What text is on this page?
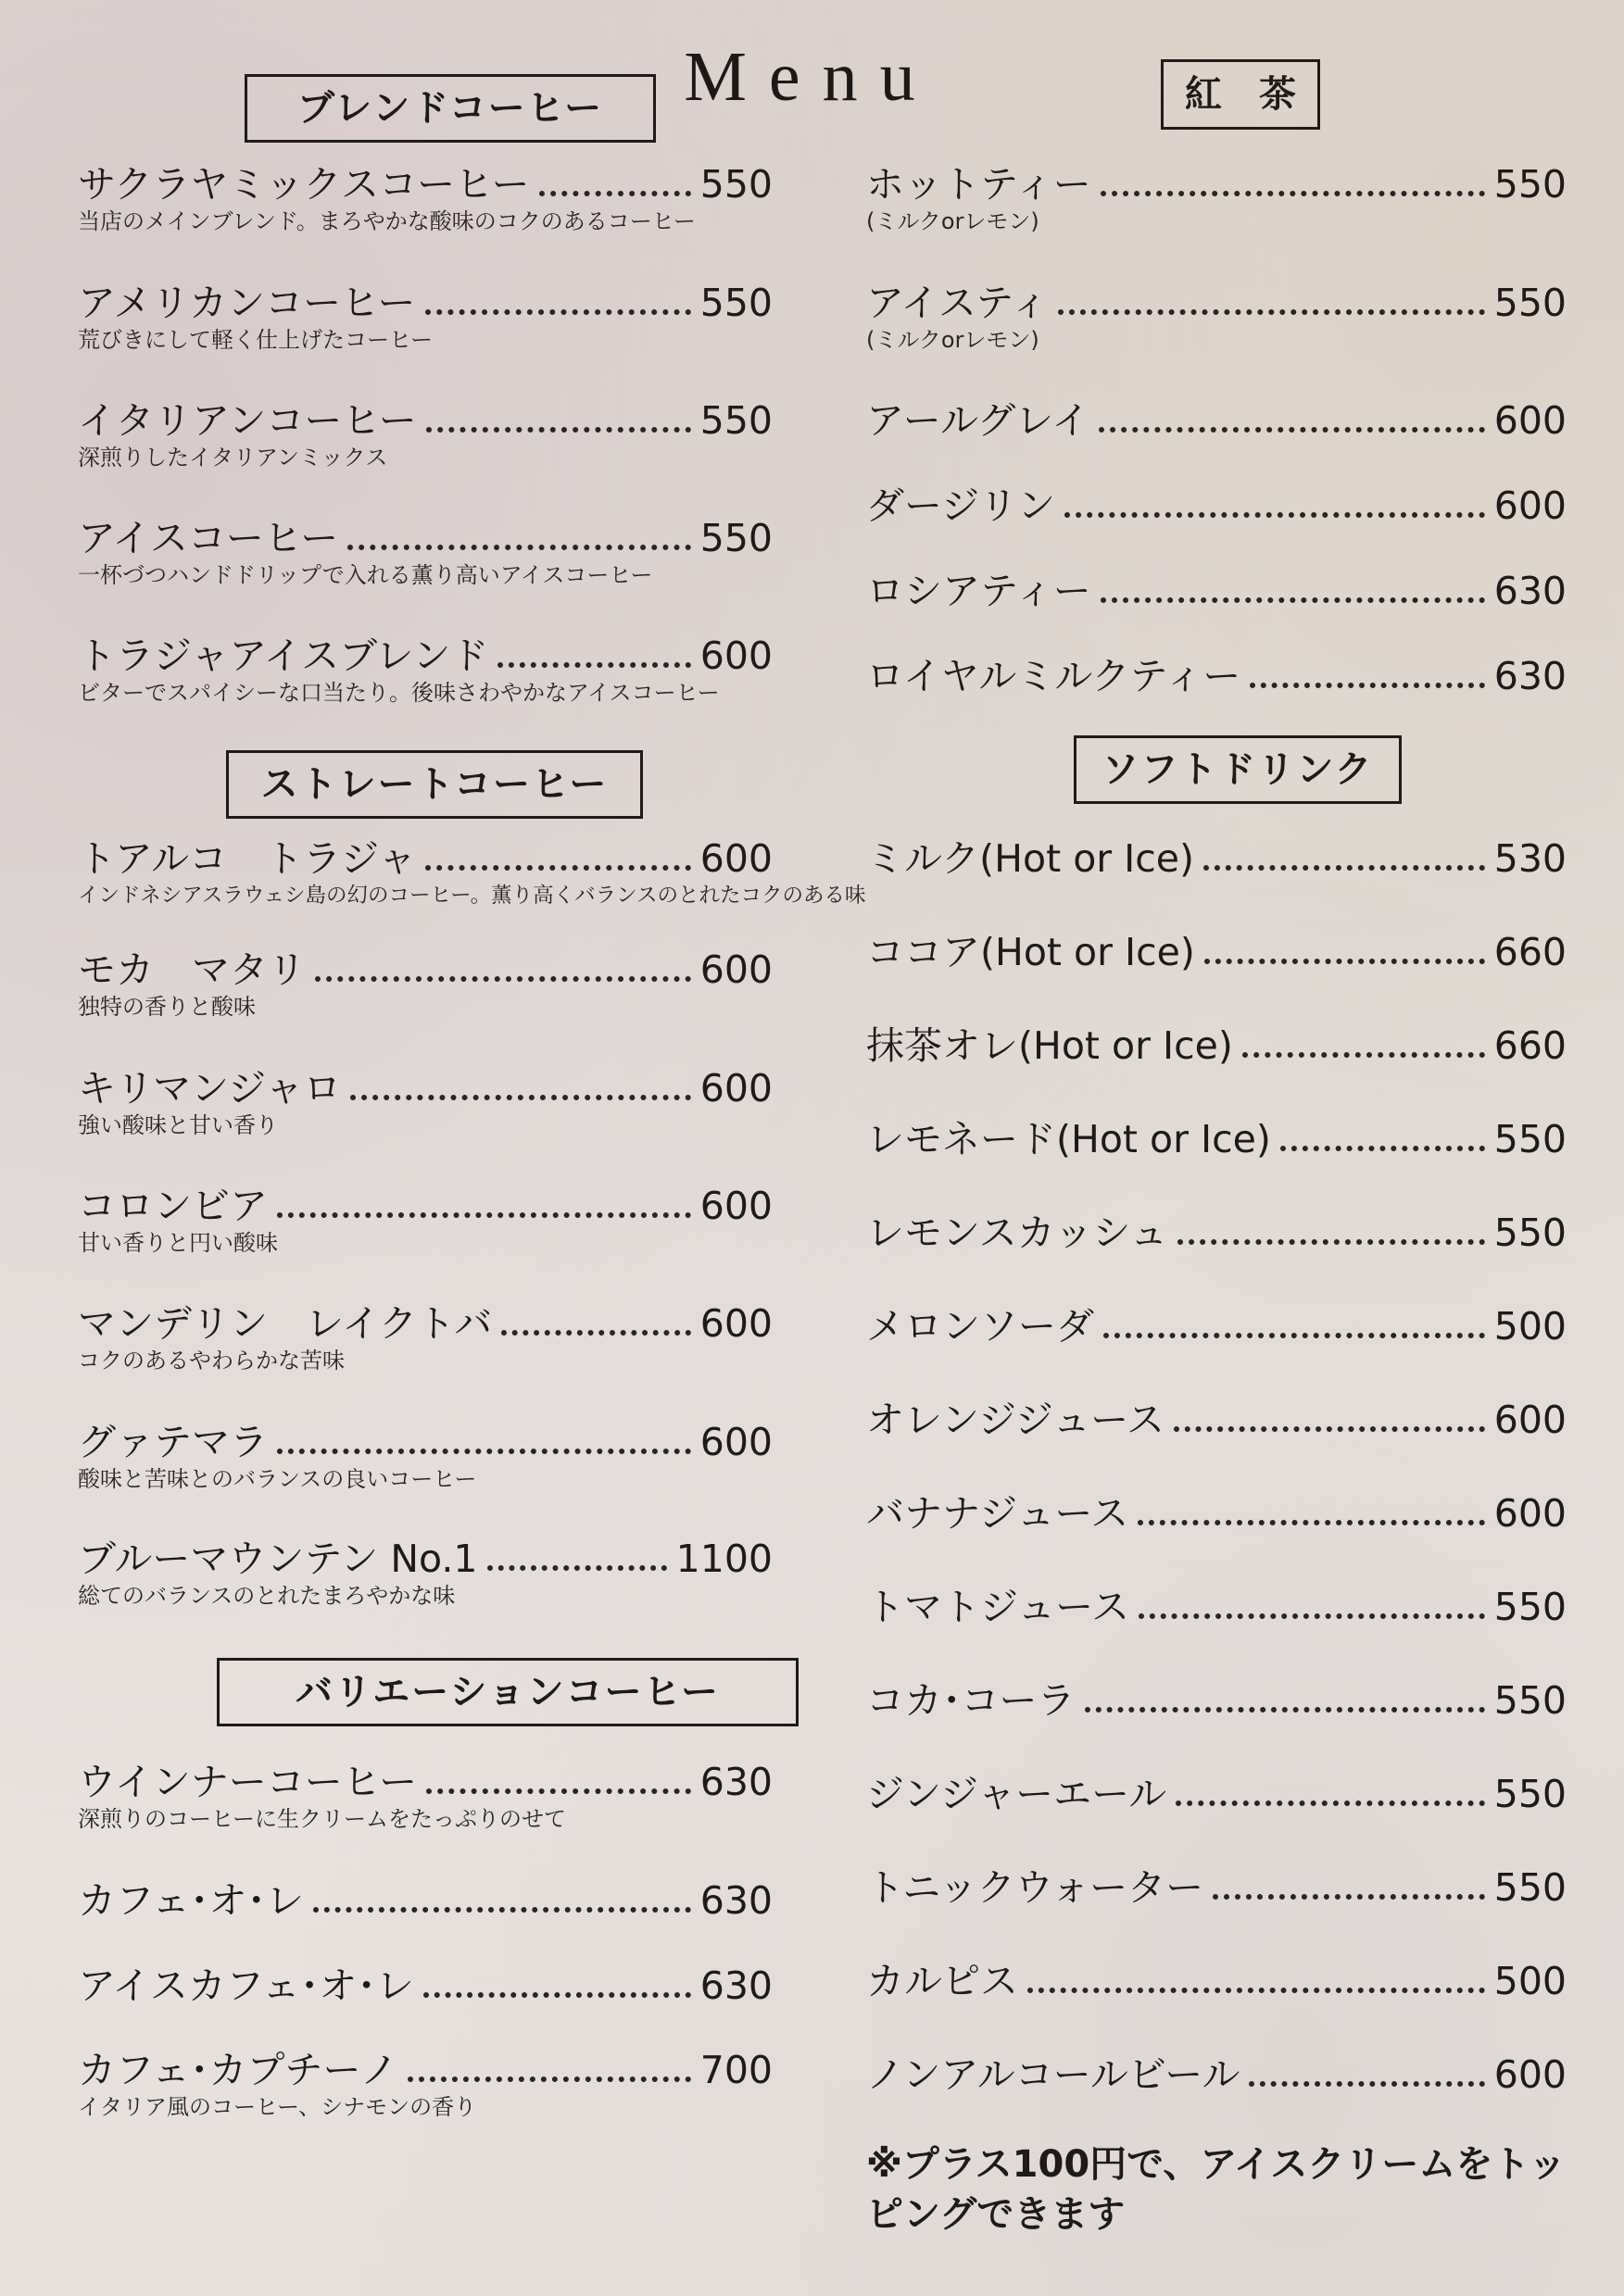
Menu
ブレンドコーヒー
サクラヤミックスコーヒー	550
当店のメインブレンド。まろやかな酸味のコクのあるコーヒー
アメリカンコーヒー	550
荒びきにして軽く仕上げたコーヒー
イタリアンコーヒー	550
深煎りしたイタリアンミックス
アイスコーヒー	550
一杯づつハンドドリップで入れる薫り高いアイスコーヒー
トラジャアイスブレンド	600
ビターでスパイシーな口当たり。後味さわやかなアイスコーヒー
ストレートコーヒー
トアルコ　トラジャ	600
インドネシアスラウェシ島の幻のコーヒー。薫り高くバランスのとれたコクのある味
モカ　マタリ	600
独特の香りと酸味
キリマンジャロ	600
強い酸味と甘い香り
コロンビア	600
甘い香りと円い酸味
マンデリン　レイクトバ	600
コクのあるやわらかな苦味
グァテマラ	600
酸味と苦味とのバランスの良いコーヒー
ブルーマウンテン No.1	1100
総てのバランスのとれたまろやかな味
バリエーションコーヒー
ウインナーコーヒー	630
深煎りのコーヒーに生クリームをたっぷりのせて
カフェ･オ･レ	630
アイスカフェ･オ･レ	630
カフェ･カプチーノ	700
イタリア風のコーヒー、シナモンの香り
紅　茶
ホットティー	550
(ミルクorレモン)
アイスティ	550
(ミルクorレモン)
アールグレイ	600
ダージリン	600
ロシアティー	630
ロイヤルミルクティー	630
ソフトドリンク
ミルク(Hot or Ice)	530
ココア(Hot or Ice)	660
抹茶オレ(Hot or Ice)	660
レモネード(Hot or Ice)	550
レモンスカッシュ	550
メロンソーダ	500
オレンジジュース	600
バナナジュース	600
トマトジュース	550
コカ･コーラ	550
ジンジャーエール	550
トニックウォーター	550
カルピス	500
ノンアルコールビール	600
※プラス100円で、アイスクリームをトッピングできます
